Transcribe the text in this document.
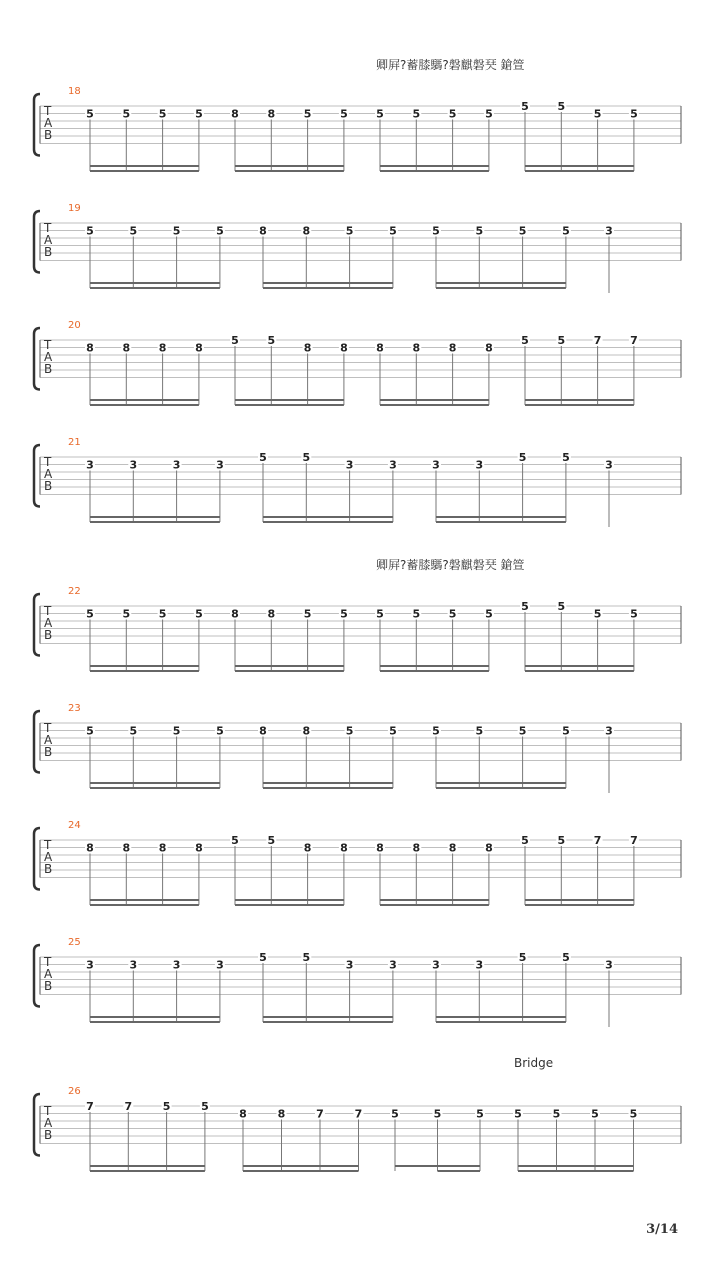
卿屛?蓄膝騳?磐麒磐珡 鎗箮
卿屛?蓄膝騳?磐麒磐珡 鎗箮
Bridge
18
T
A
B
5	5	5	5	8	8	5	5	5	5	5	5
5	5
5	5
19
T
A
B
5	5	5	5	8	8	5	5	5	5	5	5	3
20
T
A
B
8	8	8	8
5	5
8	8	8	8	8	8
5	5	7	7
21
T
A
B
3	3	3	3
5	5
3	3	3	3
5	5
3
22
T
A
B
5	5	5	5	8	8	5	5	5	5	5	5
5	5
5	5
23
T
A
B
5	5	5	5	8	8	5	5	5	5	5	5	3
24
T
A
B
8	8	8	8
5	5
8	8	8	8	8	8
5	5	7	7
25
T
A
B
3	3	3	3
5	5
3	3	3	3
5	5
3
26
T
A
B
7	7	5	5
8	8	7	7	5	5	5	5	5	5	5
3/14
